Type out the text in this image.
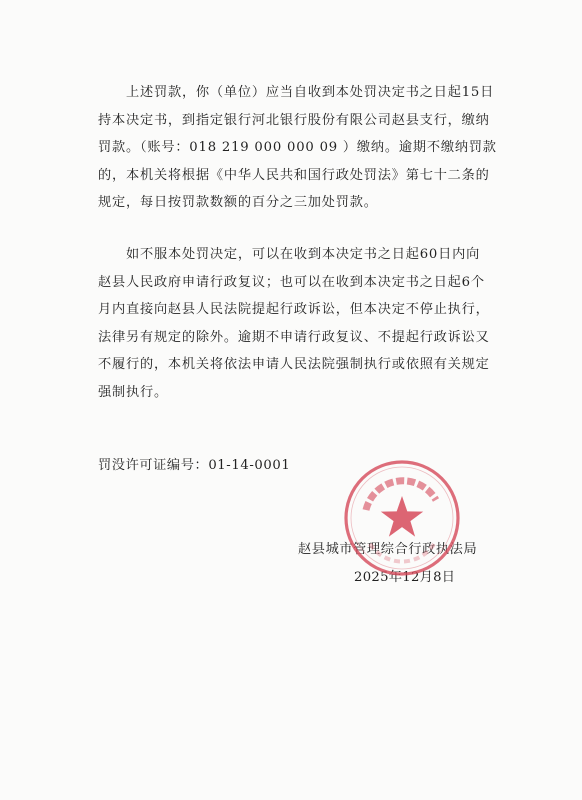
上述罚款，你（单位）应当自收到本处罚决定书之日起15日持本决定书，到指定银行河北银行股份有限公司赵县支行，缴纳罚款。（账号：018 219 000 000 09 ）缴纳。逾期不缴纳罚款的，本机关将根据《中华人民共和国行政处罚法》第七十二条的规定，每日按罚款数额的百分之三加处罚款。
如不服本处罚决定，可以在收到本决定书之日起60日内向 赵县人民政府申请行政复议；也可以在收到本决定书之日起6个月内直接向赵县人民法院提起行政诉讼，但本决定不停止执行，法律另有规定的除外。逾期不申请行政复议、不提起行政诉讼又不履行的，本机关将依法申请人民法院强制执行或依照有关规定强制执行。
罚没许可证编号：01-14-0001
赵县城市管理综合行政执法局
2025年12月8日
